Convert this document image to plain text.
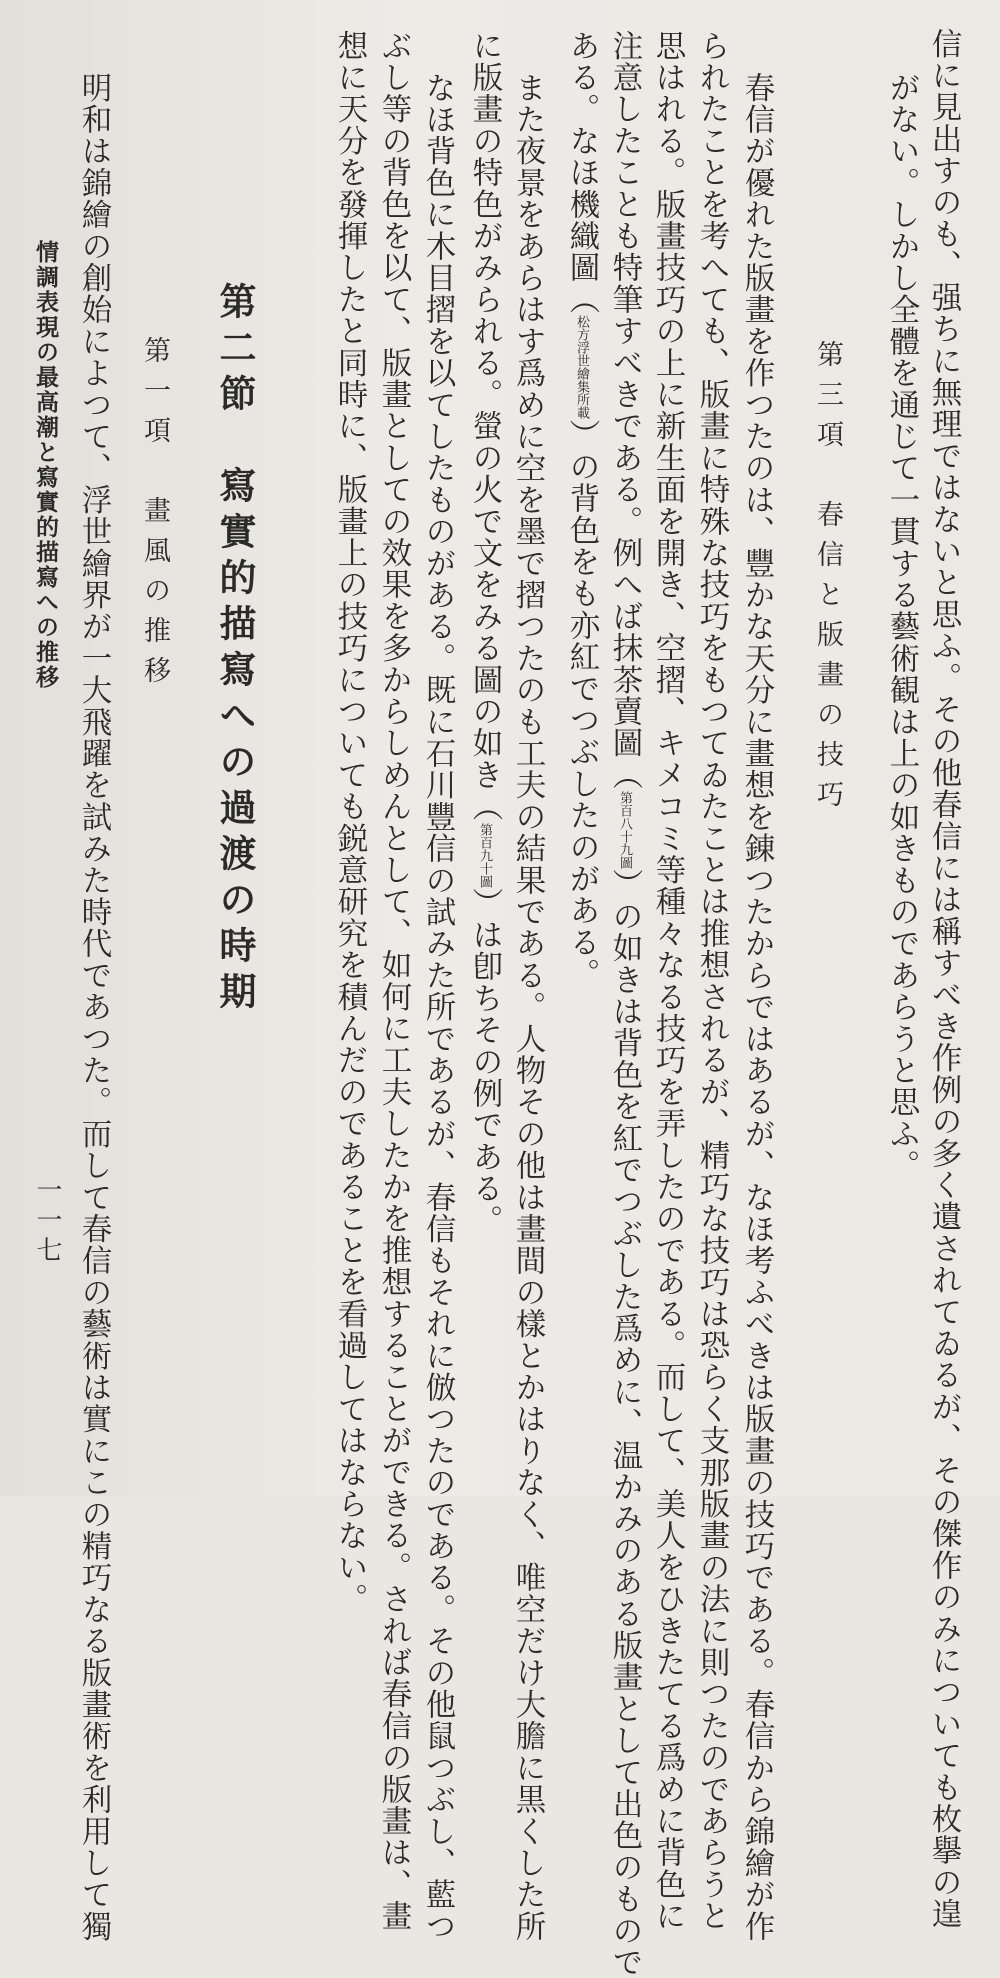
信に見出すのも、强ちに無理ではないと思ふ。その他春信には稱すべき作例の多く遺されてゐるが、その傑作のみについても枚擧の遑
がない。しかし全體を通じて一貫する藝術観は上の如きものであらうと思ふ。
第三項　春信と版畫の技巧
春信が優れた版畫を作つたのは、豐かな天分に畫想を錬つたからではあるが、なほ考ふべきは版畫の技巧である。春信から錦繪が作
られたことを考へても、版畫に特殊な技巧をもつてゐたことは推想されるが、精巧な技巧は恐らく支那版畫の法に則つたのであらうと
思はれる。版畫技巧の上に新生面を開き、空摺、キメコミ等種々なる技巧を弄したのである。而して、美人をひきたてる爲めに背色に
注意したことも特筆すべきである。例へば抹茶賣圖（第百八十九圖）の如きは背色を紅でつぶした爲めに、温かみのある版畫として出色のもので
ある。なほ機織圖（松方浮世繪集所載）の背色をも亦紅でつぶしたのがある。
また夜景をあらはす爲めに空を墨で摺つたのも工夫の結果である。人物その他は畫間の樣とかはりなく、唯空だけ大膽に黒くした所
に版畫の特色がみられる。螢の火で文をみる圖の如き（第百九十圖）は卽ちその例である。
なほ背色に木目摺を以てしたものがある。既に石川豐信の試みた所であるが、春信もそれに倣つたのである。その他鼠つぶし、藍つ
ぶし等の背色を以て、版畫としての效果を多からしめんとして、如何に工夫したかを推想することができる。されば春信の版畫は、畫
想に天分を發揮したと同時に、版畫上の技巧についても鋭意研究を積んだのであることを看過してはならない。
第二節　寫實的描寫への過渡の時期
第一項　畫風の推移
明和は錦繪の創始によつて、浮世繪界が一大飛躍を試みた時代であつた。而して春信の藝術は實にこの精巧なる版畫術を利用して獨
情調表現の最高潮と寫實的描寫への推移
一一七
